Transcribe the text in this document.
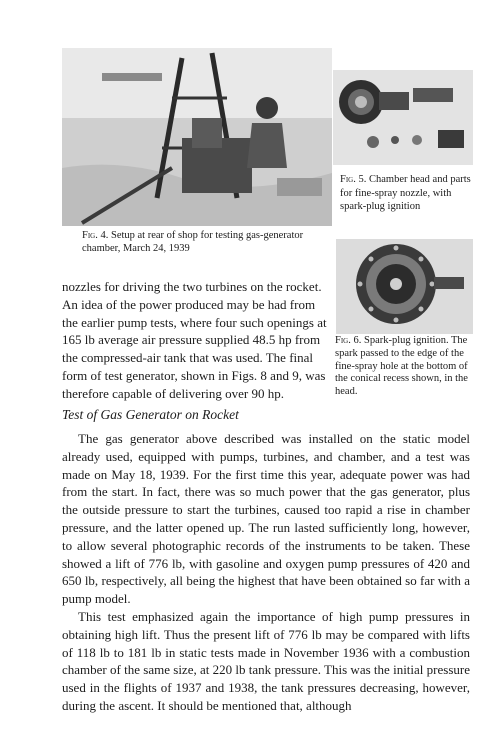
Fig. 4. Setup at rear of shop for testing gas-generator chamber, March 24, 1939
Fig. 5. Chamber head and parts for fine-spray nozzle, with spark-plug ignition
Fig. 6. Spark-plug ignition. The spark passed to the edge of the fine-spray hole at the bottom of the conical recess shown, in the head.

nozzles for driving the two turbines on the rocket. An idea of the power produced may be had from the earlier pump tests, where four such openings at 165 lb average air pressure supplied 48.5 hp from the compressed-air tank that was used. The final form of test generator, shown in Figs. 8 and 9, was therefore capable of delivering over 90 hp.

Test of Gas Generator on Rocket

The gas generator above described was installed on the static model already used, equipped with pumps, turbines, and chamber, and a test was made on May 18, 1939. For the first time this year, adequate power was had from the start. In fact, there was so much power that the gas generator, plus the outside pressure to start the turbines, caused too rapid a rise in chamber pressure, and the latter opened up. The run lasted sufficiently long, however, to allow several photographic records of the instruments to be taken. These showed a lift of 776 lb, with gasoline and oxygen pump pressures of 420 and 650 lb, respectively, all being the highest that have been obtained so far with a pump model.

This test emphasized again the importance of high pump pressures in obtaining high lift. Thus the present lift of 776 lb may be compared with lifts of 118 lb to 181 lb in static tests made in November 1936 with a combustion chamber of the same size, at 220 lb tank pressure. This was the initial pressure used in the flights of 1937 and 1938, the tank pressures decreasing, however, during the ascent. It should be mentioned that, although
